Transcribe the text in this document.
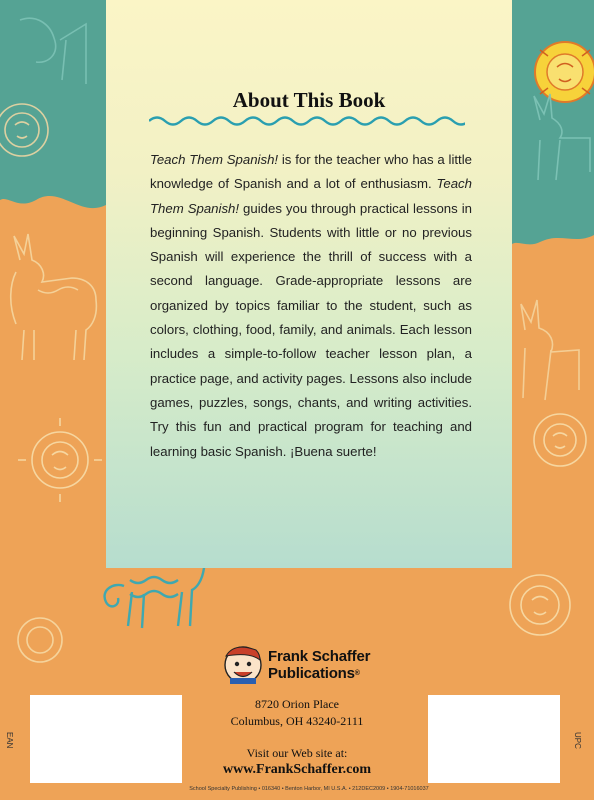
About This Book

Teach Them Spanish! is for the teacher who has a little knowledge of Spanish and a lot of enthusiasm. Teach Them Spanish! guides you through practical lessons in beginning Spanish. Students with little or no previous Spanish will experience the thrill of success with a second language. Grade-appropriate lessons are organized by topics familiar to the student, such as colors, clothing, food, family, and animals. Each lesson includes a simple-to-follow teacher lesson plan, a practice page, and activity pages. Lessons also include games, puzzles, songs, chants, and writing activities. Try this fun and practical program for teaching and learning basic Spanish. ¡Buena suerte!

Frank Schaffer
Publications®
8720 Orion Place
Columbus, OH 43240-2111
Visit our Web site at:
www.FrankSchaffer.com
EAN	UPC
School Specialty Publishing • 016340 • Benton Harbor, MI U.S.A. • 212DEC2009 • 1904-71016037
